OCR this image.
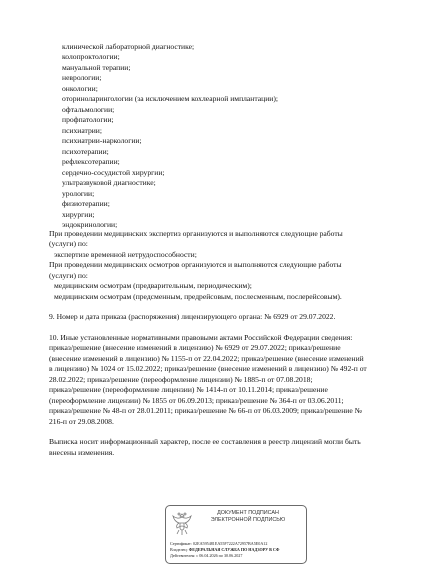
клинической лабораторной диагностике;
колопроктологии;
мануальной терапии;
неврологии;
онкологии;
оториноларингологии (за исключением кохлеарной имплантации);
офтальмологии;
профпатологии;
психиатрии;
психиатрии-наркологии;
психотерапии;
рефлексотерапии;
сердечно-сосудистой хирургии;
ультразвуковой диагностике;
урологии;
физиотерапии;
хирургии;
эндокринологии;
При проведении медицинских экспертиз организуются и выполняются следующие работы
(услуги) по:
экспертизе временной нетрудоспособности;
При проведении медицинских осмотров организуются и выполняются следующие работы
(услуги) по:
медицинским осмотрам (предварительным, периодическим);
медицинским осмотрам (предсменным, предрейсовым, послесменным, послерейсовым).
9. Номер и дата приказа (распоряжения) лицензирующего органа: № 6929 от 29.07.2022.
10. Иные установленные нормативными правовыми актами Российской Федерации сведения:
приказ/решение (внесение изменений в лицензию) № 6929 от 29.07.2022; приказ/решение
(внесение изменений в лицензию) № 1155-п от 22.04.2022; приказ/решение (внесение изменений
в лицензию) № 1024 от 15.02.2022; приказ/решение (внесение изменений в лицензию) № 492-п от
28.02.2022; приказ/решение (переоформление лицензии) № 1885-п от 07.08.2018;
приказ/решение (переоформление лицензии) № 1414-п от 10.11.2014; приказ/решение
(переоформление лицензии) № 1855 от 06.09.2013; приказ/решение № 364-п от 03.06.2011;
приказ/решение № 48-п от 28.01.2011; приказ/решение № 66-п от 06.03.2009; приказ/решение №
216-п от 29.08.2008.
Выписка носит информационный характер, после ее составления в реестр лицензий могли быть
внесены изменения.
ДОКУМЕНТ ПОДПИСАН
ЭЛЕКТРОННОЙ ПОДПИСЬЮ
Сертификат: 02EA595481EA55F7222A72957BA5E0A12
Владелец: ФЕДЕРАЛЬНАЯ СЛУЖБА ПО НАДЗОРУ В СФ
Действителен: с 06.04.2026 по 30.06.2027
